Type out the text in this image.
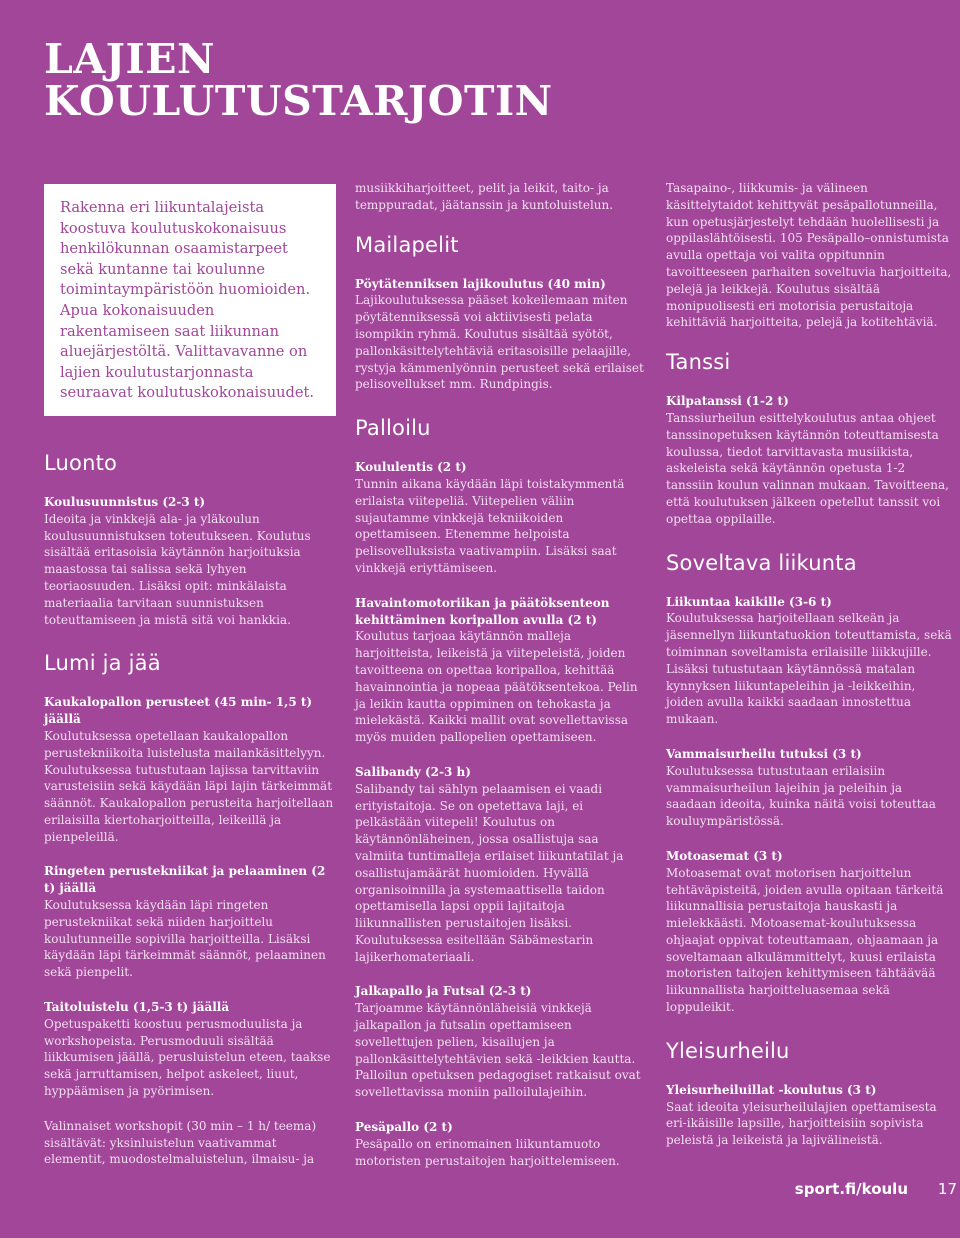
LAJIEN
KOULUTUSTARJOTIN
Rakenna eri liikuntalajeista koostuva koulutuskokonaisuus henkilökunnan osaamistarpeet sekä kuntanne tai koulunne toimintaympäristöön huomioiden. Apua kokonaisuuden rakentamiseen saat liikunnan aluejärjestöltä. Valittavavanne on lajien koulutustarjonnasta seuraavat koulutuskokonaisuudet.
Luonto

Koulusuunnistus (2-3 t)

Ideoita ja vinkkejä ala- ja yläkoulun koulusuunnistuksen toteutukseen. Koulutus sisältää eritasoisia käytännön harjoituksia maastossa tai salissa sekä lyhyen teoriaosuuden. Lisäksi opit: minkälaista materiaalia tarvitaan suunnistuksen toteuttamiseen ja mistä sitä voi hankkia.

Lumi ja jää

Kaukalopallon perusteet (45 min- 1,5 t) jäällä

Koulutuksessa opetellaan kaukalopallon perustekniikoita luistelusta mailankäsittelyyn. Koulutuksessa tutustutaan lajissa tarvittaviin varusteisiin sekä käydään läpi lajin tärkeimmät säännöt. Kaukalopallon perusteita harjoitellaan erilaisilla kiertoharjoitteilla, leikeillä ja pienpeleillä.

Ringeten perustekniikat ja pelaaminen (2 t) jäällä

Koulutuksessa käydään läpi ringeten perustekniikat sekä niiden harjoittelu koulutunneille sopivilla harjoitteilla. Lisäksi käydään läpi tärkeimmät säännöt, pelaaminen sekä pienpelit.

Taitoluistelu (1,5-3 t) jäällä

Opetuspaketti koostuu perusmoduulista ja workshopeista. Perusmoduuli sisältää liikkumisen jäällä, perusluistelun eteen, taakse sekä jarruttamisen, helpot askeleet, liuut, hyppäämisen ja pyörimisen.

Valinnaiset workshopit (30 min – 1 h/ teema) sisältävät: yksinluistelun vaativammat elementit, muodostelmaluistelun, ilmaisu- ja

musiikkiharjoitteet, pelit ja leikit, taito- ja temppuradat, jäätanssin ja kuntoluistelun.

Mailapelit

Pöytätenniksen lajikoulutus (40 min)

Lajikoulutuksessa pääset kokeilemaan miten pöytätenniksessä voi aktiivisesti pelata isompikin ryhmä. Koulutus sisältää syötöt, pallonkäsittelytehtäviä eritasoisille pelaajille, rystyja kämmenlyönnin perusteet sekä erilaiset pelisovellukset mm. Rundpingis.

Palloilu

Koululentis (2 t)

Tunnin aikana käydään läpi toistakymmentä erilaista viitepeliä. Viitepelien väliin sujautamme vinkkejä tekniikoiden opettamiseen. Etenemme helpoista pelisovelluksista vaativampiin. Lisäksi saat vinkkejä eriyttämiseen.

Havaintomotoriikan ja päätöksenteon kehittäminen koripallon avulla (2 t)

Koulutus tarjoaa käytännön malleja harjoitteista, leikeistä ja viitepeleistä, joiden tavoitteena on opettaa koripalloa, kehittää havainnointia ja nopeaa päätöksentekoa. Pelin ja leikin kautta oppiminen on tehokasta ja mielekästä. Kaikki mallit ovat sovellettavissa myös muiden pallopelien opettamiseen.

Salibandy (2-3 h)

Salibandy tai sählyn pelaamisen ei vaadi erityistaitoja. Se on opetettava laji, ei pelkästään viitepeli! Koulutus on käytännönläheinen, jossa osallistuja saa valmiita tuntimalleja erilaiset liikuntatilat ja osallistujamäärät huomioiden. Hyvällä organisoinnilla ja systemaattisella taidon opettamisella lapsi oppii lajitaitoja liikunnallisten perustaitojen lisäksi. Koulutuksessa esitellään Säbämestarin lajikerhomateriaali.

Jalkapallo ja Futsal (2-3 t)

Tarjoamme käytännönläheisiä vinkkejä jalkapallon ja futsalin opettamiseen sovellettujen pelien, kisailujen ja pallonkäsittelytehtävien sekä -leikkien kautta. Palloilun opetuksen pedagogiset ratkaisut ovat sovellettavissa moniin palloilulajeihin.

Pesäpallo (2 t)

Pesäpallo on erinomainen liikuntamuoto motoristen perustaitojen harjoittelemiseen.

Tasapaino-, liikkumis- ja välineen käsittelytaidot kehittyvät pesäpallotunneilla, kun opetusjärjestelyt tehdään huolellisesti ja oppilaslähtöisesti. 105 Pesäpallo–onnistumista avulla opettaja voi valita oppitunnin tavoitteeseen parhaiten soveltuvia harjoitteita, pelejä ja leikkejä. Koulutus sisältää monipuolisesti eri motorisia perustaitoja kehittäviä harjoitteita, pelejä ja kotitehtäviä.

Tanssi

Kilpatanssi (1-2 t)

Tanssiurheilun esittelykoulutus antaa ohjeet tanssinopetuksen käytännön toteuttamisesta koulussa, tiedot tarvittavasta musiikista, askeleista sekä käytännön opetusta 1-2 tanssiin koulun valinnan mukaan. Tavoitteena, että koulutuksen jälkeen opetellut tanssit voi opettaa oppilaille.

Soveltava liikunta

Liikuntaa kaikille (3-6 t)

Koulutuksessa harjoitellaan selkeän ja jäsennellyn liikuntatuokion toteuttamista, sekä toiminnan soveltamista erilaisille liikkujille. Lisäksi tutustutaan käytännössä matalan kynnyksen liikuntapeleihin ja -leikkeihin, joiden avulla kaikki saadaan innostettua mukaan.

Vammaisurheilu tutuksi (3 t)

Koulutuksessa tutustutaan erilaisiin vammaisurheilun lajeihin ja peleihin ja saadaan ideoita, kuinka näitä voisi toteuttaa kouluympäristössä.

Motoasemat (3 t)

Motoasemat ovat motorisen harjoittelun tehtäväpisteitä, joiden avulla opitaan tärkeitä liikunnallisia perustaitoja hauskasti ja mielekkäästi. Motoasemat-koulutuksessa ohjaajat oppivat toteuttamaan, ohjaamaan ja soveltamaan alkulämmittelyt, kuusi erilaista motoristen taitojen kehittymiseen tähtäävää liikunnallista harjoitteluasemaa sekä loppuleikit.

Yleisurheilu

Yleisurheiluillat -koulutus (3 t)

Saat ideoita yleisurheilulajien opettamisesta eri-ikäisille lapsille, harjoitteisiin sopivista peleistä ja leikeistä ja lajivälineistä.

sport.fi/koulu 17
